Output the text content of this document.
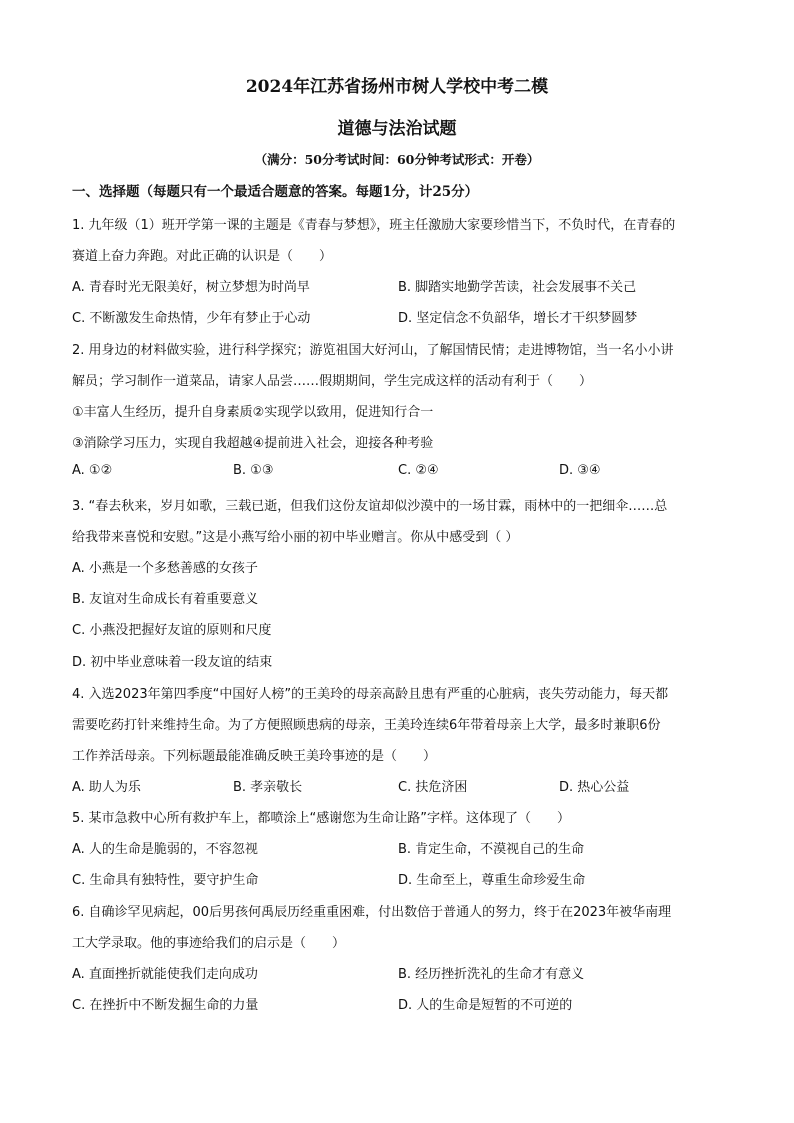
2024年江苏省扬州市树人学校中考二模
道德与法治试题
（满分：50分考试时间：60分钟考试形式：开卷）
一、选择题（每题只有一个最适合题意的答案。每题1分，计25分）
1. 九年级（1）班开学第一课的主题是《青春与梦想》，班主任激励大家要珍惜当下，不负时代，在青春的
赛道上奋力奔跑。对此正确的认识是（　　）
A. 青春时光无限美好，树立梦想为时尚早	B. 脚踏实地勤学苦读，社会发展事不关己
C. 不断激发生命热情，少年有梦止于心动	D. 坚定信念不负韶华，增长才干织梦圆梦
2. 用身边的材料做实验，进行科学探究；游览祖国大好河山，了解国情民情；走进博物馆，当一名小小讲
解员；学习制作一道菜品，请家人品尝……假期期间，学生完成这样的活动有利于（　　）
①丰富人生经历，提升自身素质②实现学以致用，促进知行合一
③消除学习压力，实现自我超越④提前进入社会，迎接各种考验
A. ①②	B. ①③	C. ②④	D. ③④
3. “春去秋来，岁月如歌，三载已逝，但我们这份友谊却似沙漠中的一场甘霖，雨林中的一把细伞……总
给我带来喜悦和安慰。”这是小燕写给小丽的初中毕业赠言。你从中感受到（ ）
A. 小燕是一个多愁善感的女孩子
B. 友谊对生命成长有着重要意义
C. 小燕没把握好友谊的原则和尺度
D. 初中毕业意味着一段友谊的结束
4. 入选2023年第四季度“中国好人榜”的王美玲的母亲高龄且患有严重的心脏病，丧失劳动能力，每天都
需要吃药打针来维持生命。为了方便照顾患病的母亲，王美玲连续6年带着母亲上大学，最多时兼职6份
工作养活母亲。下列标题最能准确反映王美玲事迹的是（　　）
A. 助人为乐	B. 孝亲敬长	C. 扶危济困	D. 热心公益
5. 某市急救中心所有救护车上，都喷涂上“感谢您为生命让路”字样。这体现了（　　）
A. 人的生命是脆弱的，不容忽视	B. 肯定生命，不漠视自己的生命
C. 生命具有独特性，要守护生命	D. 生命至上，尊重生命珍爱生命
6. 自确诊罕见病起，00后男孩何禹辰历经重重困难，付出数倍于普通人的努力，终于在2023年被华南理
工大学录取。他的事迹给我们的启示是（　　）
A. 直面挫折就能使我们走向成功	B. 经历挫折洗礼的生命才有意义
C. 在挫折中不断发掘生命的力量	D. 人的生命是短暂的不可逆的
